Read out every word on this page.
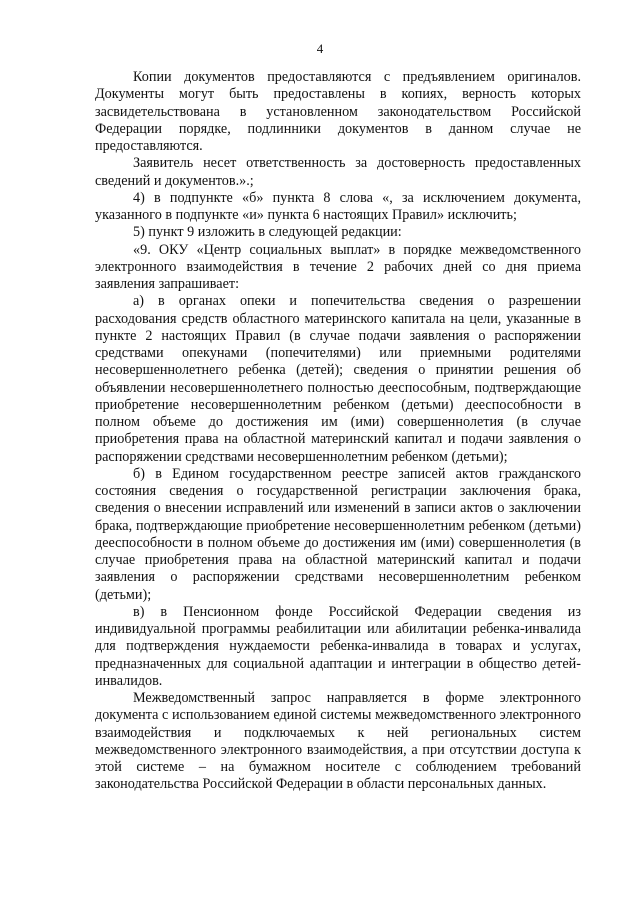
4

Копии документов предоставляются с предъявлением оригиналов. Документы могут быть предоставлены в копиях, верность которых засвидетельствована в установленном законодательством Российской Федерации порядке, подлинники документов в данном случае не предоставляются.

Заявитель несет ответственность за достоверность предоставленных сведений и документов.».;

4) в подпункте «б» пункта 8 слова «, за исключением документа, указанного в подпункте «и» пункта 6 настоящих Правил» исключить;

5) пункт 9 изложить в следующей редакции:

«9. ОКУ «Центр социальных выплат» в порядке межведомственного электронного взаимодействия в течение 2 рабочих дней со дня приема заявления запрашивает:

а) в органах опеки и попечительства сведения о разрешении расходования средств областного материнского капитала на цели, указанные в пункте 2 настоящих Правил (в случае подачи заявления о распоряжении средствами опекунами (попечителями) или приемными родителями несовершеннолетнего ребенка (детей); сведения о принятии решения об объявлении несовершеннолетнего полностью дееспособным, подтверждающие приобретение несовершеннолетним ребенком (детьми) дееспособности в полном объеме до достижения им (ими) совершеннолетия (в случае приобретения права на областной материнский капитал и подачи заявления о распоряжении средствами несовершеннолетним ребенком (детьми);

б) в Едином государственном реестре записей актов гражданского состояния сведения о государственной регистрации заключения брака, сведения о внесении исправлений или изменений в записи актов о заключении брака, подтверждающие приобретение несовершеннолетним ребенком (детьми) дееспособности в полном объеме до достижения им (ими) совершеннолетия (в случае приобретения права на областной материнский капитал и подачи заявления о распоряжении средствами несовершеннолетним ребенком (детьми);

в) в Пенсионном фонде Российской Федерации сведения из индивидуальной программы реабилитации или абилитации ребенка-инвалида для подтверждения нуждаемости ребенка-инвалида в товарах и услугах, предназначенных для социальной адаптации и интеграции в общество детей-инвалидов.

Межведомственный запрос направляется в форме электронного документа с использованием единой системы межведомственного электронного взаимодействия и подключаемых к ней региональных систем межведомственного электронного взаимодействия, а при отсутствии доступа к этой системе – на бумажном носителе с соблюдением требований законодательства Российской Федерации в области персональных данных.
